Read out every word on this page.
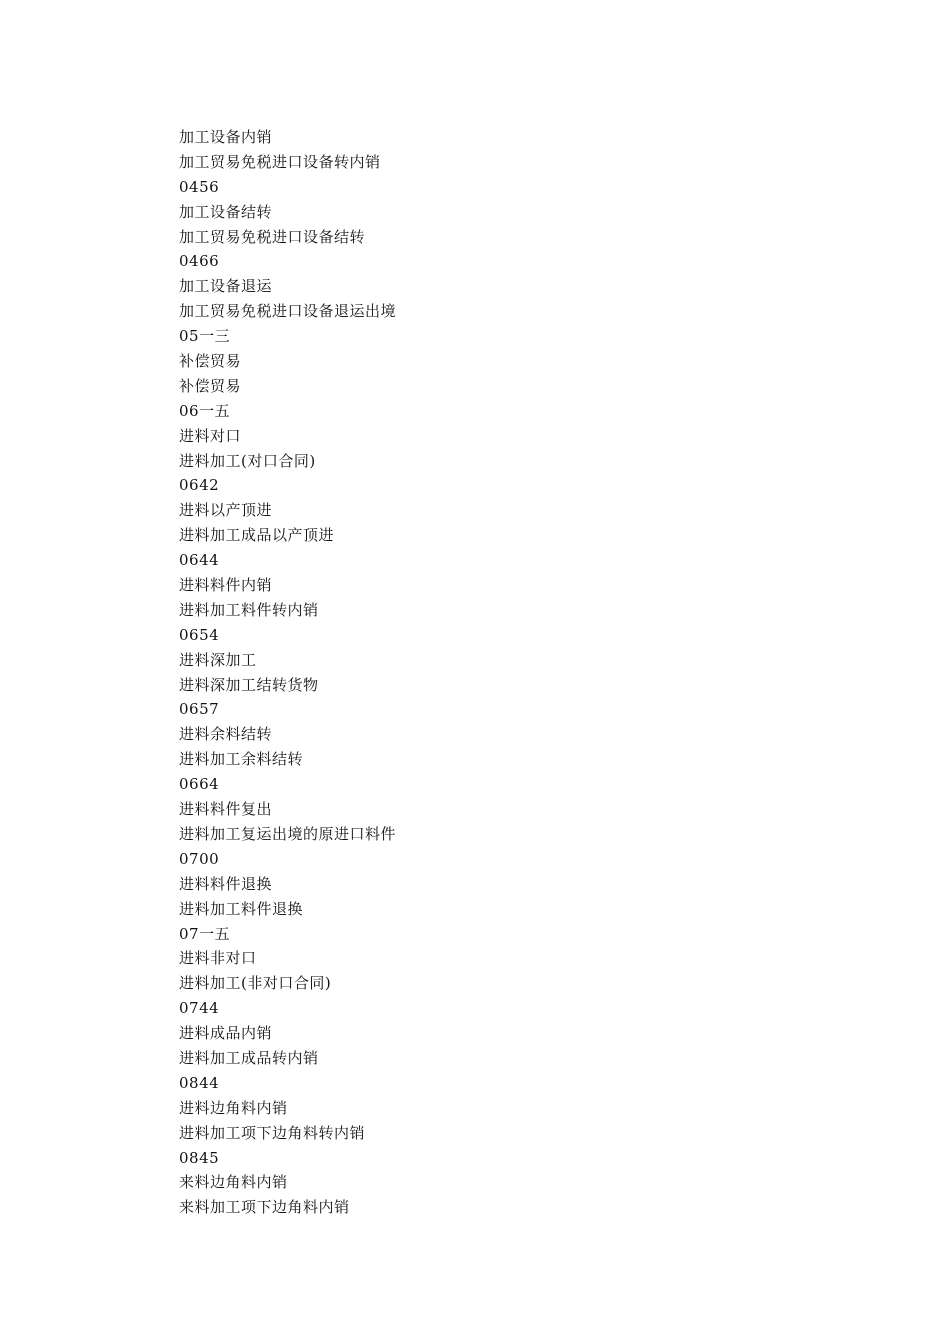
加工设备内销
加工贸易免税进口设备转内销
0456
加工设备结转
加工贸易免税进口设备结转
0466
加工设备退运
加工贸易免税进口设备退运出境
05一三
补偿贸易
补偿贸易
06一五
进料对口
进料加工(对口合同)
0642
进料以产顶进
进料加工成品以产顶进
0644
进料料件内销
进料加工料件转内销
0654
进料深加工
进料深加工结转货物
0657
进料余料结转
进料加工余料结转
0664
进料料件复出
进料加工复运出境的原进口料件
0700
进料料件退换
进料加工料件退换
07一五
进料非对口
进料加工(非对口合同)
0744
进料成品内销
进料加工成品转内销
0844
进料边角料内销
进料加工项下边角料转内销
0845
来料边角料内销
来料加工项下边角料内销
